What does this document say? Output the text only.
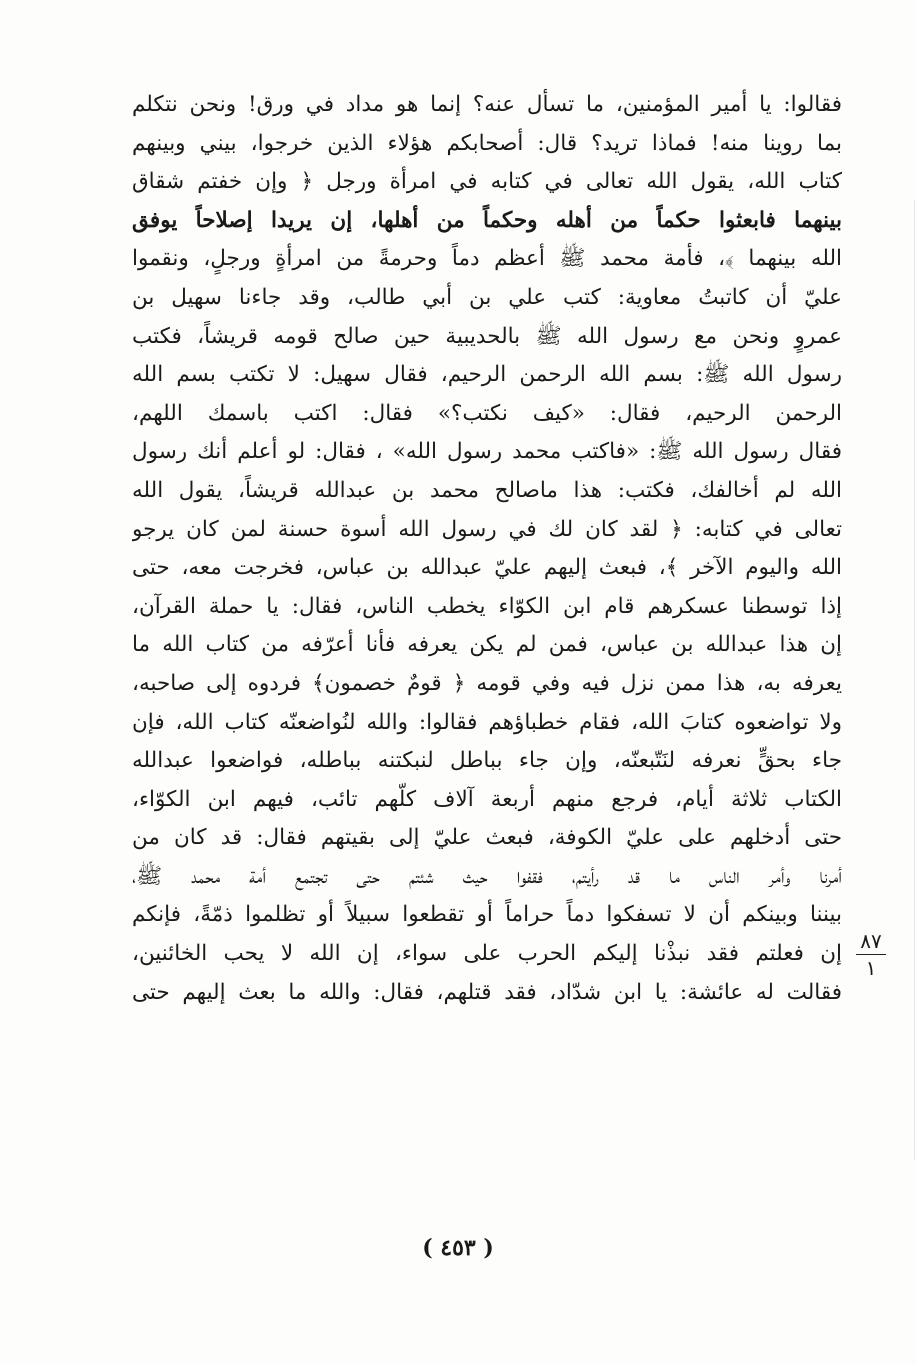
فقالوا: يا أمير المؤمنين، ما تسأل عنه؟ إنما هو مداد في ورق! ونحن نتكلم
بما روينا منه! فماذا تريد؟ قال: أصحابكم هؤلاء الذين خرجوا، بيني وبينهم
كتاب الله، يقول الله تعالى في كتابه في امرأة ورجل ﴿ وإن خفتم شقاق
بينهما فابعثوا حكماً من أهله وحكماً من أهلها، إن يريدا إصلاحاً يوفق
الله بينهما ﴾، فأمة محمد ﷺ أعظم دماً وحرمةً من امرأةٍ ورجلٍ، ونقموا
عليّ أن كاتبتُ معاوية: كتب علي بن أبي طالب، وقد جاءنا سهيل بن
عمروٍ ونحن مع رسول الله ﷺ بالحديبية حين صالح قومه قريشاً، فكتب
رسول الله ﷺ: بسم الله الرحمن الرحيم، فقال سهيل: لا تكتب بسم الله
الرحمن الرحيم، فقال: «كيف نكتب؟» فقال: اكتب باسمك اللهم،
فقال رسول الله ﷺ: «فاكتب محمد رسول الله» ، فقال: لو أعلم أنك رسول
الله لم أخالفك، فكتب: هذا ماصالح محمد بن عبدالله قريشاً، يقول الله
تعالى في كتابه: ﴿ لقد كان لك في رسول الله أسوة حسنة لمن كان يرجو
الله واليوم الآخر ﴾، فبعث إليهم عليّ عبدالله بن عباس، فخرجت معه، حتى
إذا توسطنا عسكرهم قام ابن الكوّاء يخطب الناس، فقال: يا حملة القرآن،
إن هذا عبدالله بن عباس، فمن لم يكن يعرفه فأنا أعرّفه من كتاب الله ما
يعرفه به، هذا ممن نزل فيه وفي قومه ﴿ قومٌ خصمون﴾ فردوه إلى صاحبه،
ولا تواضعوه كتابَ الله، فقام خطباؤهم فقالوا: والله لنُواضعنّه كتاب الله، فإن
جاء بحقٍّ نعرفه لنَتّبعنّه، وإن جاء بباطل لنبكتنه بباطله، فواضعوا عبدالله
الكتاب ثلاثة أيام، فرجع منهم أربعة آلاف كلّهم تائب، فيهم ابن الكوّاء،
حتى أدخلهم على عليّ الكوفة، فبعث عليّ إلى بقيتهم فقال: قد كان من
أمرنا وأمر الناس ما قد رأيتم، فقفوا حيث شئتم حتى تجتمع أمة محمد ﷺ،
بيننا وبينكم أن لا تسفكوا دماً حراماً أو تقطعوا سبيلاً أو تظلموا ذمّةً، فإنكم
إن فعلتم فقد نبذْنا إليكم الحرب على سواء، إن الله لا يحب الخائنين،
فقالت له عائشة: يا ابن شدّاد، فقد قتلهم، فقال: والله ما بعث إليهم حتى
٨٧
١
( ٤٥٣ )
